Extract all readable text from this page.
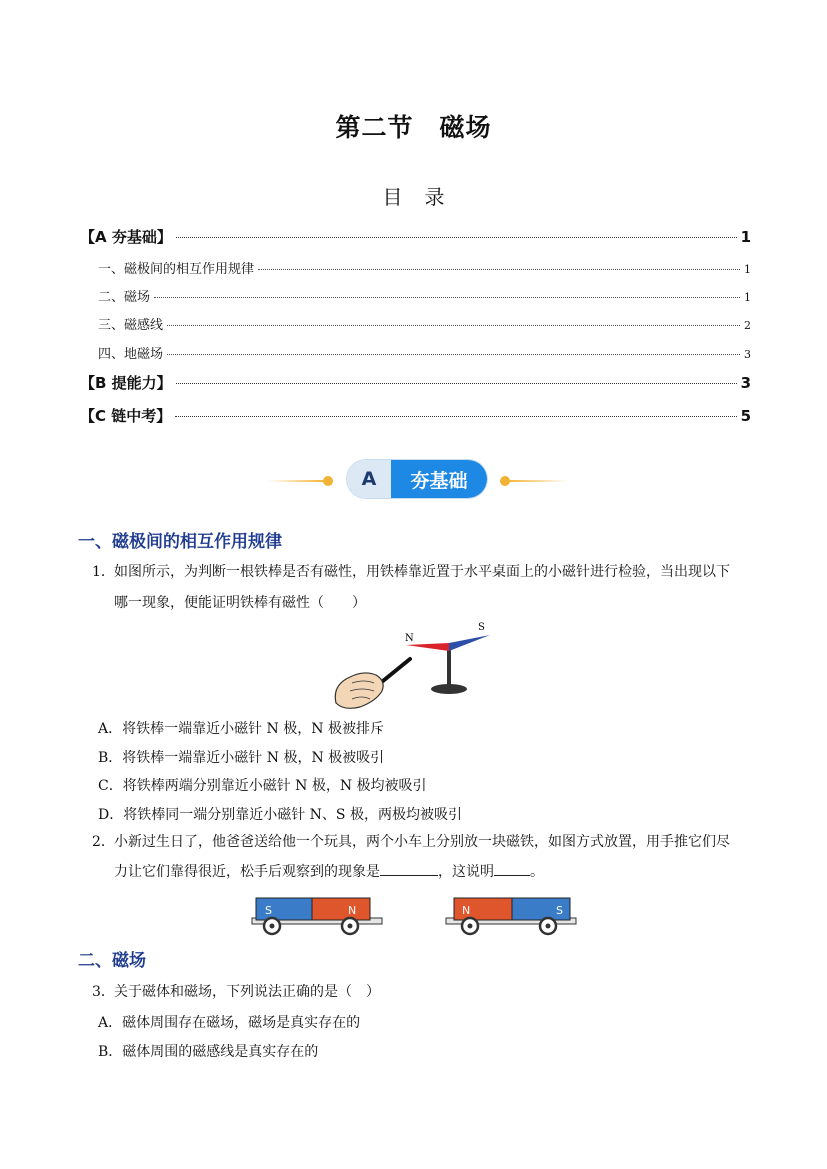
第二节　磁场
目录
【A 夯基础】	1
一、磁极间的相互作用规律	1
二、磁场	1
三、磁感线	2
四、地磁场	3
【B 提能力】	3
【C 链中考】	5
A	夯基础
一、磁极间的相互作用规律
1．如图所示，为判断一根铁棒是否有磁性，用铁棒靠近置于水平桌面上的小磁针进行检验，当出现以下
哪一现象，便能证明铁棒有磁性（　　）
N
S
A．将铁棒一端靠近小磁针 N 极，N 极被排斥
B．将铁棒一端靠近小磁针 N 极，N 极被吸引
C．将铁棒两端分别靠近小磁针 N 极，N 极均被吸引
D．将铁棒同一端分别靠近小磁针 N、S 极，两极均被吸引
2．小新过生日了，他爸爸送给他一个玩具，两个小车上分别放一块磁铁，如图方式放置，用手推它们尽
力让它们靠得很近，松手后观察到的现象是	，这说明	。
S	N	N	S
二、磁场
3．关于磁体和磁场，下列说法正确的是（　）
A．磁体周围存在磁场，磁场是真实存在的
B．磁体周围的磁感线是真实存在的
